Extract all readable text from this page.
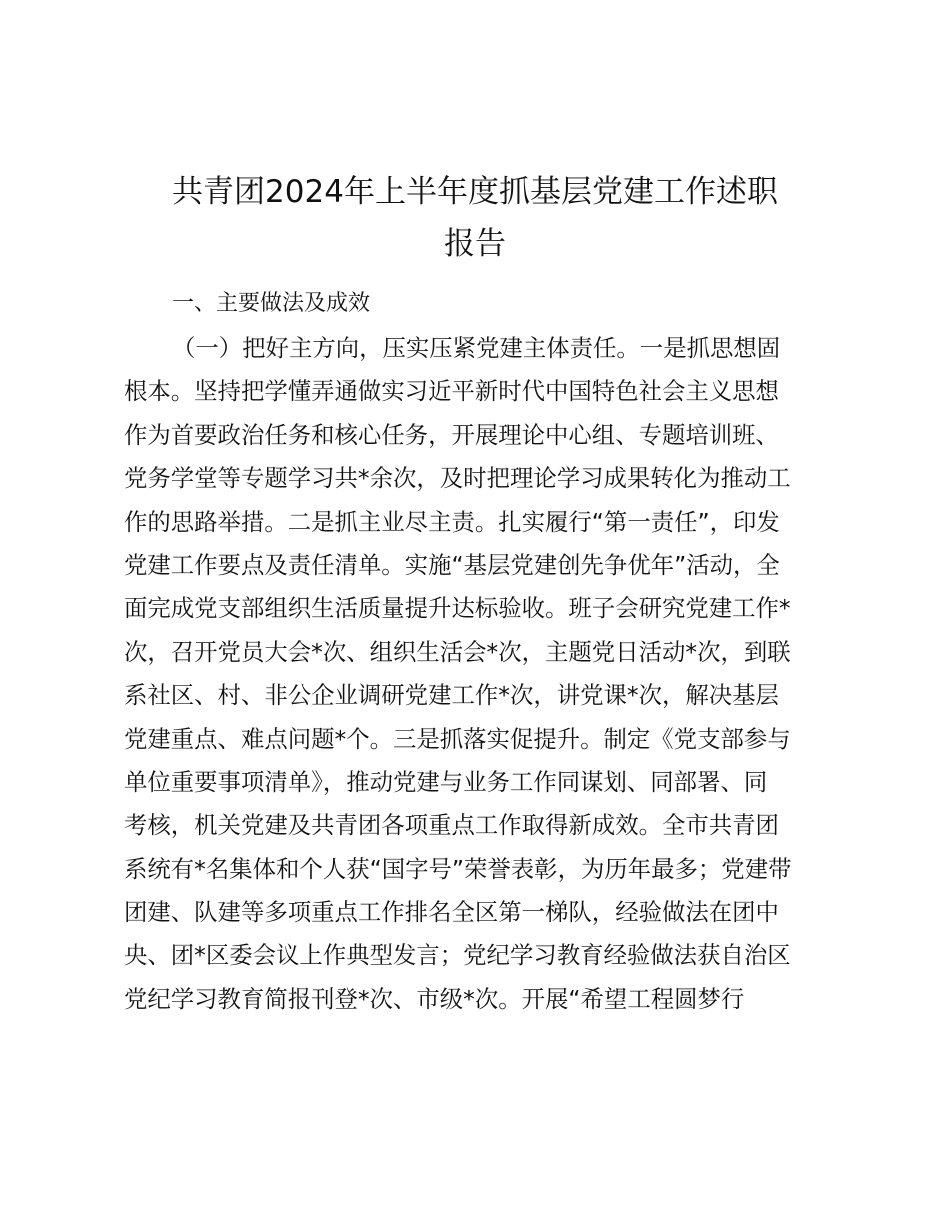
共青团2024年上半年度抓基层党建工作述职
报告

一、主要做法及成效

（一）把好主方向，压实压紧党建主体责任。一是抓思想固
根本。坚持把学懂弄通做实习近平新时代中国特色社会主义思想
作为首要政治任务和核心任务，开展理论中心组、专题培训班、
党务学堂等专题学习共*余次，及时把理论学习成果转化为推动工
作的思路举措。二是抓主业尽主责。扎实履行“第一责任”，印发
党建工作要点及责任清单。实施“基层党建创先争优年”活动，全
面完成党支部组织生活质量提升达标验收。班子会研究党建工作*
次，召开党员大会*次、组织生活会*次，主题党日活动*次，到联
系社区、村、非公企业调研党建工作*次，讲党课*次，解决基层
党建重点、难点问题*个。三是抓落实促提升。制定《党支部参与
单位重要事项清单》，推动党建与业务工作同谋划、同部署、同
考核，机关党建及共青团各项重点工作取得新成效。全市共青团
系统有*名集体和个人获“国字号”荣誉表彰，为历年最多；党建带
团建、队建等多项重点工作排名全区第一梯队，经验做法在团中
央、团*区委会议上作典型发言；党纪学习教育经验做法获自治区
党纪学习教育简报刊登*次、市级*次。开展“希望工程圆梦行
